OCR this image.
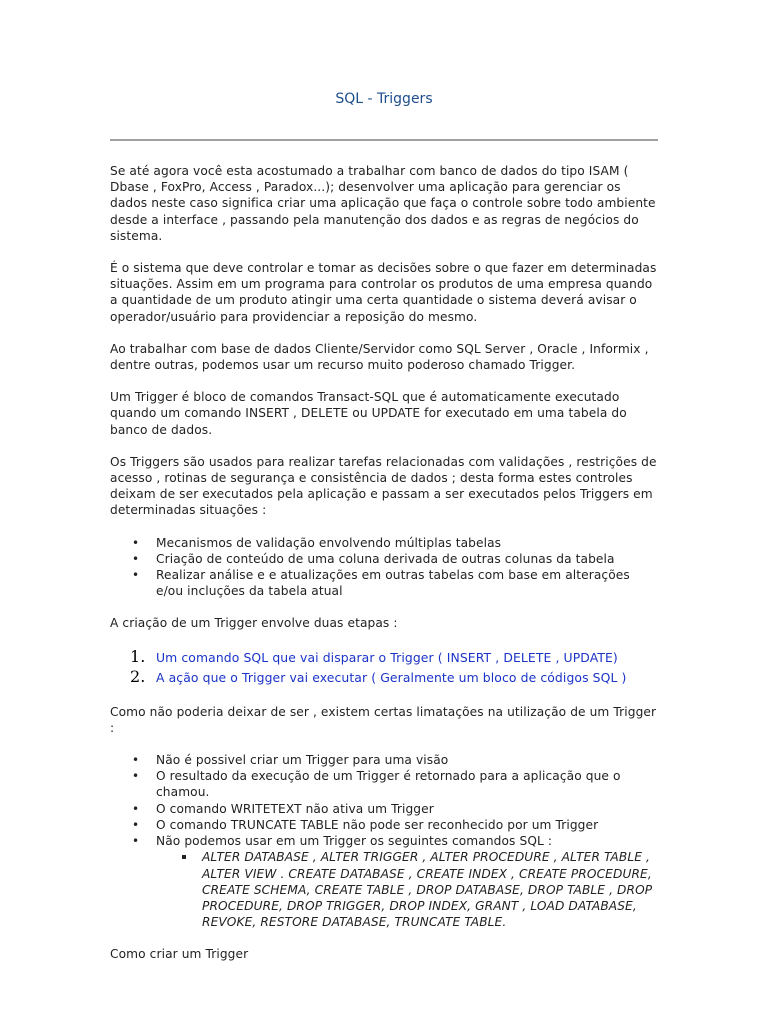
SQL - Triggers

Se até agora você esta acostumado a trabalhar com banco de dados do tipo ISAM ( Dbase , FoxPro, Access , Paradox...); desenvolver uma aplicação para gerenciar os dados neste caso significa criar uma aplicação que faça o controle sobre todo ambiente desde a interface , passando pela manutenção dos dados e as regras de negócios do sistema.

É o sistema que deve controlar e tomar as decisões sobre o que fazer em determinadas situações. Assim em um programa para controlar os produtos de uma empresa quando a quantidade de um produto atingir uma certa quantidade o sistema deverá avisar o operador/usuário para providenciar a reposição do mesmo.

Ao trabalhar com base de dados Cliente/Servidor como SQL Server , Oracle , Informix , dentre outras, podemos usar um recurso muito poderoso chamado Trigger.

Um Trigger é bloco de comandos Transact-SQL que é automaticamente executado quando um comando INSERT , DELETE ou UPDATE for executado em uma tabela do banco de dados.

Os Triggers são usados para realizar tarefas relacionadas com validações , restrições de acesso , rotinas de segurança e consistência de dados ; desta forma estes controles deixam de ser executados pela aplicação e passam a ser executados pelos Triggers em determinadas situações :

• Mecanismos de validação envolvendo múltiplas tabelas
• Criação de conteúdo de uma coluna derivada de outras colunas da tabela
• Realizar análise e e atualizações em outras tabelas com base em alterações e/ou incluções da tabela atual

A criação de um Trigger envolve duas etapas :

1. Um comando SQL que vai disparar o Trigger ( INSERT , DELETE , UPDATE)
2. A ação que o Trigger vai executar ( Geralmente um bloco de códigos SQL )

Como não poderia deixar de ser , existem certas limatações na utilização de um Trigger :

• Não é possivel criar um Trigger para uma visão
• O resultado da execução de um Trigger é retornado para a aplicação que o chamou.
• O comando WRITETEXT não ativa um Trigger
• O comando TRUNCATE TABLE não pode ser reconhecido por um Trigger
• Não podemos usar em um Trigger os seguintes comandos SQL :
ALTER DATABASE , ALTER TRIGGER , ALTER PROCEDURE , ALTER TABLE , ALTER VIEW . CREATE DATABASE , CREATE INDEX , CREATE PROCEDURE, CREATE SCHEMA, CREATE TABLE , DROP DATABASE, DROP TABLE , DROP PROCEDURE, DROP TRIGGER, DROP INDEX, GRANT , LOAD DATABASE, REVOKE, RESTORE DATABASE, TRUNCATE TABLE.

Como criar um Trigger
